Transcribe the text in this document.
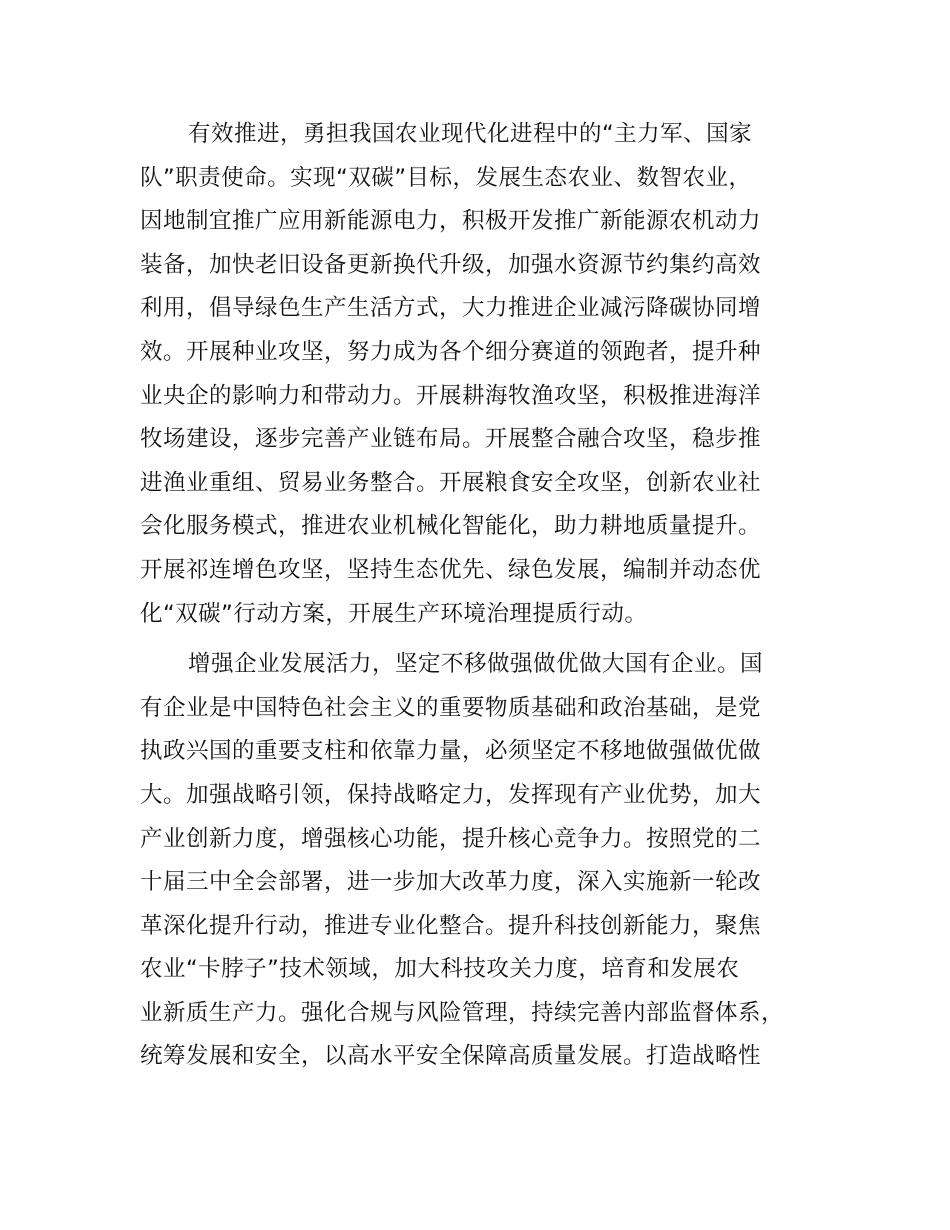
有效推进，勇担我国农业现代化进程中的“主力军、国家
队”职责使命。实现“双碳”目标，发展生态农业、数智农业，
因地制宜推广应用新能源电力，积极开发推广新能源农机动力
装备，加快老旧设备更新换代升级，加强水资源节约集约高效
利用，倡导绿色生产生活方式，大力推进企业减污降碳协同增
效。开展种业攻坚，努力成为各个细分赛道的领跑者，提升种
业央企的影响力和带动力。开展耕海牧渔攻坚，积极推进海洋
牧场建设，逐步完善产业链布局。开展整合融合攻坚，稳步推
进渔业重组、贸易业务整合。开展粮食安全攻坚，创新农业社
会化服务模式，推进农业机械化智能化，助力耕地质量提升。
开展祁连增色攻坚，坚持生态优先、绿色发展，编制并动态优
化“双碳”行动方案，开展生产环境治理提质行动。

增强企业发展活力，坚定不移做强做优做大国有企业。国
有企业是中国特色社会主义的重要物质基础和政治基础，是党
执政兴国的重要支柱和依靠力量，必须坚定不移地做强做优做
大。加强战略引领，保持战略定力，发挥现有产业优势，加大
产业创新力度，增强核心功能，提升核心竞争力。按照党的二
十届三中全会部署，进一步加大改革力度，深入实施新一轮改
革深化提升行动，推进专业化整合。提升科技创新能力，聚焦
农业“卡脖子”技术领域，加大科技攻关力度，培育和发展农
业新质生产力。强化合规与风险管理，持续完善内部监督体系，
统筹发展和安全，以高水平安全保障高质量发展。打造战略性
